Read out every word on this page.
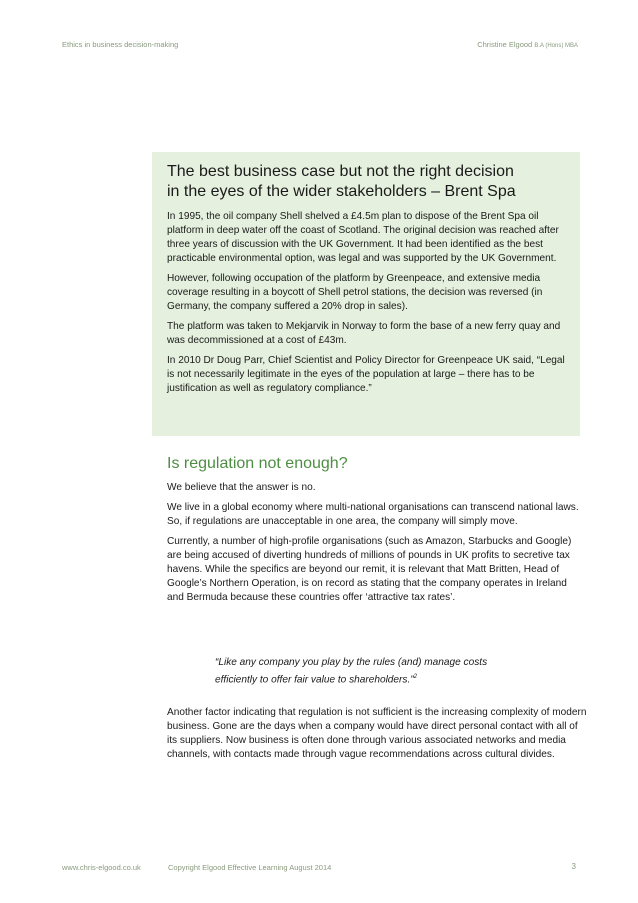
Ethics in business decision-making	Christine Elgood B.A (Hons) MBA
The best business case but not the right decision
in the eyes of the wider stakeholders – Brent Spa

In 1995, the oil company Shell shelved a £4.5m plan to dispose of the Brent Spa oil platform in deep water off the coast of Scotland. The original decision was reached after three years of discussion with the UK Government. It had been identified as the best practicable environmental option, was legal and was supported by the UK Government.

However, following occupation of the platform by Greenpeace, and extensive media coverage resulting in a boycott of Shell petrol stations, the decision was reversed (in Germany, the company suffered a 20% drop in sales).

The platform was taken to Mekjarvik in Norway to form the base of a new ferry quay and was decommissioned at a cost of £43m.

In 2010 Dr Doug Parr, Chief Scientist and Policy Director for Greenpeace UK said, “Legal is not necessarily legitimate in the eyes of the population at large – there has to be justification as well as regulatory compliance.”

Is regulation not enough?

We believe that the answer is no.

We live in a global economy where multi-national organisations can transcend national laws. So, if regulations are unacceptable in one area, the company will simply move.

Currently, a number of high-profile organisations (such as Amazon, Starbucks and Google) are being accused of diverting hundreds of millions of pounds in UK profits to secretive tax havens. While the specifics are beyond our remit, it is relevant that Matt Britten, Head of Google’s Northern Operation, is on record as stating that the company operates in Ireland and Bermuda because these countries offer ‘attractive tax rates’.

“Like any company you play by the rules (and) manage costs efficiently to offer fair value to shareholders.”$^2$
Another factor indicating that regulation is not sufficient is the increasing complexity of modern business. Gone are the days when a company would have direct personal contact with all of its suppliers. Now business is often done through various associated networks and media channels, with contacts made through vague recommendations across cultural divides.
www.chris-elgood.co.uk	Copyright Elgood Effective Learning August 2014	3
